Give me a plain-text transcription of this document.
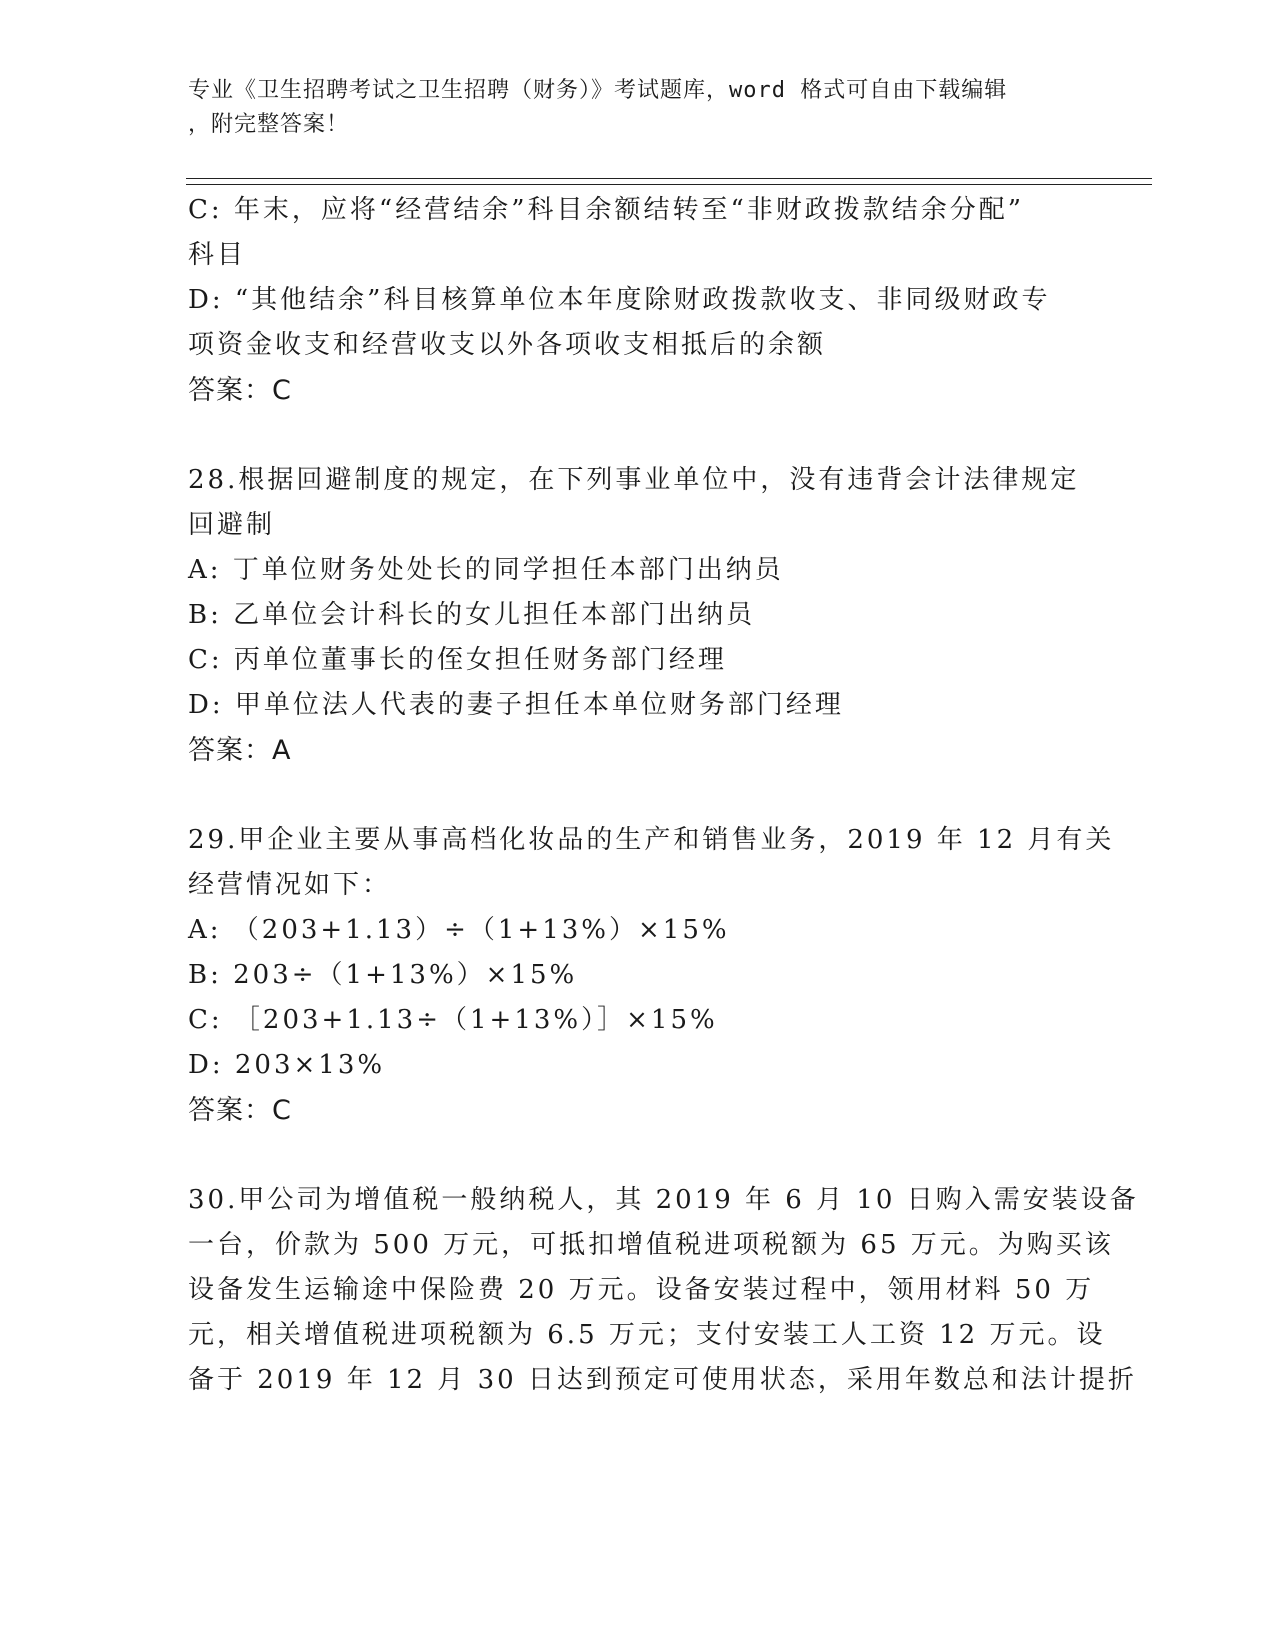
专业《卫生招聘考试之卫生招聘（财务）》考试题库，word 格式可自由下载编辑
，附完整答案！
C: 年末，应将“经营结余”科目余额结转至“非财政拨款结余分配”
科目
D: “其他结余”科目核算单位本年度除财政拨款收支、非同级财政专
项资金收支和经营收支以外各项收支相抵后的余额
答案：C
28.根据回避制度的规定，在下列事业单位中，没有违背会计法律规定
回避制
A: 丁单位财务处处长的同学担任本部门出纳员
B: 乙单位会计科长的女儿担任本部门出纳员
C: 丙单位董事长的侄女担任财务部门经理
D: 甲单位法人代表的妻子担任本单位财务部门经理
答案：A
29.甲企业主要从事高档化妆品的生产和销售业务，2019 年 12 月有关
经营情况如下：
A: （203+1.13）÷（1+13%）×15%
B: 203÷（1+13%）×15%
C: ［203+1.13÷（1+13%）］×15%
D: 203×13%
答案：C
30.甲公司为增值税一般纳税人，其 2019 年 6 月 10 日购入需安装设备
一台，价款为 500 万元，可抵扣增值税进项税额为 65 万元。为购买该
设备发生运输途中保险费 20 万元。设备安装过程中，领用材料 50 万
元，相关增值税进项税额为 6.5 万元；支付安装工人工资 12 万元。设
备于 2019 年 12 月 30 日达到预定可使用状态，采用年数总和法计提折
